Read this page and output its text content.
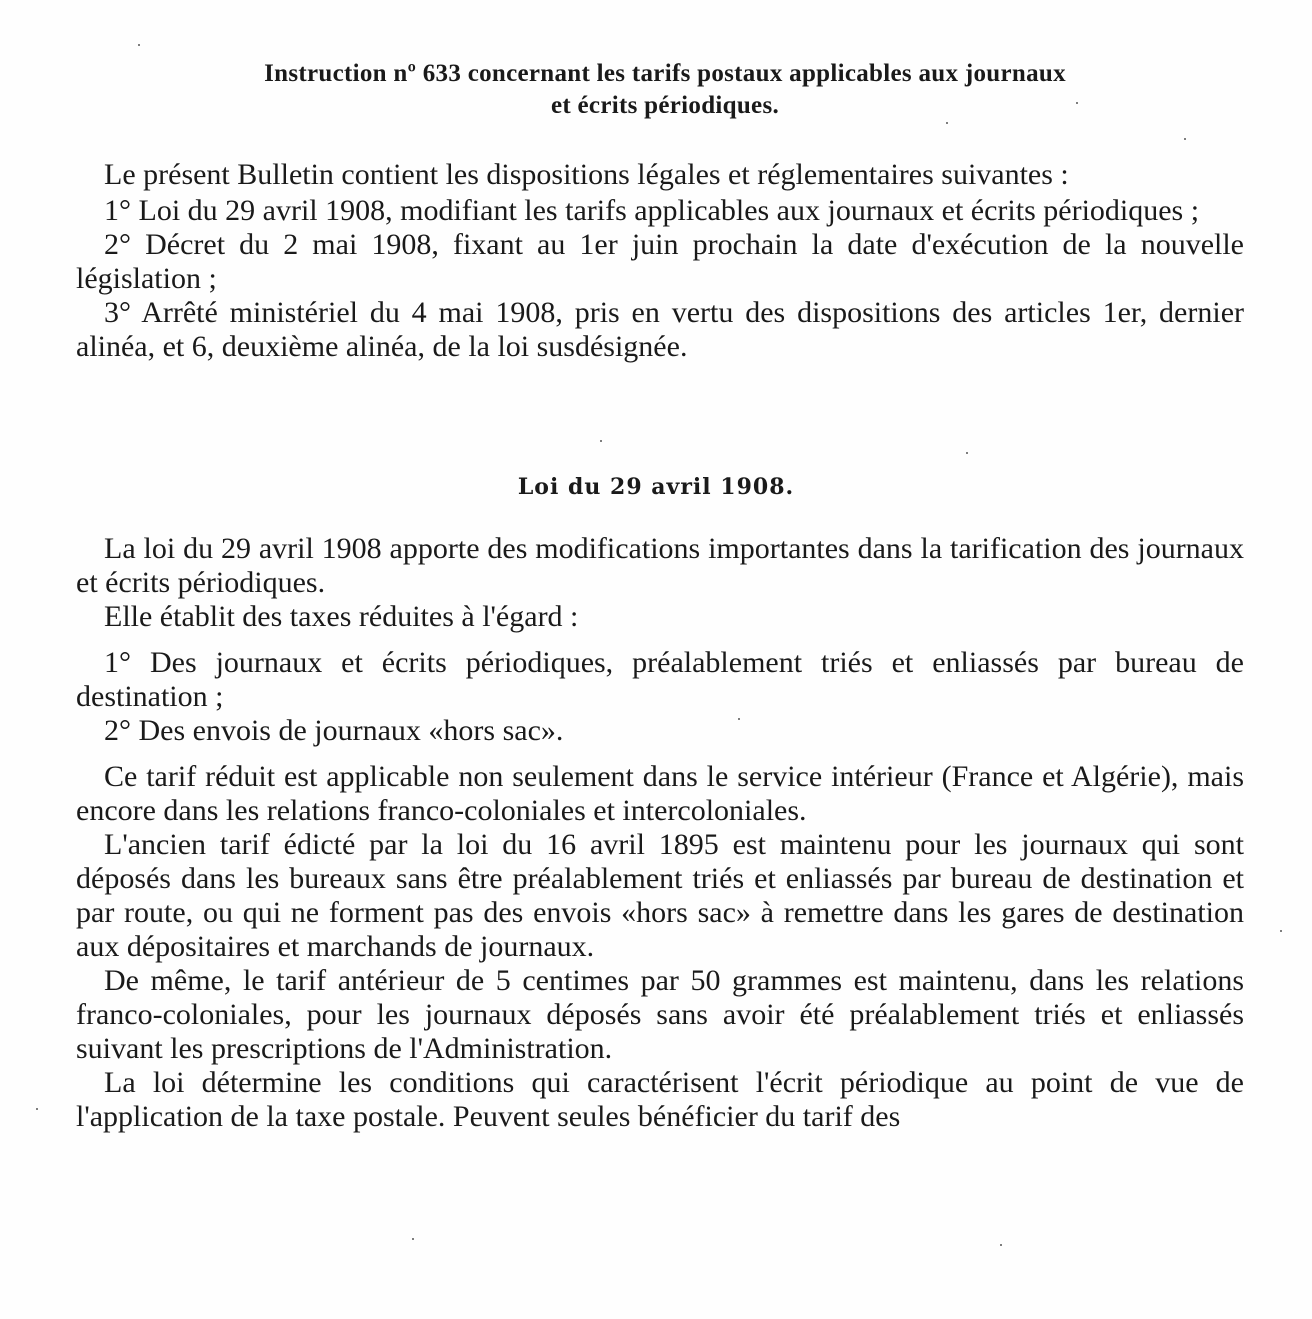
Instruction nº 633 concernant les tarifs postaux applicables aux journaux
et écrits périodiques.

Le présent Bulletin contient les dispositions légales et réglementaires suivantes :

1° Loi du 29 avril 1908, modifiant les tarifs applicables aux journaux et écrits périodiques ;

2° Décret du 2 mai 1908, fixant au 1er juin prochain la date d'exécution de la nouvelle législation ;

3° Arrêté ministériel du 4 mai 1908, pris en vertu des dispositions des articles 1er, dernier alinéa, et 6, deuxième alinéa, de la loi susdésignée.

Loi du 29 avril 1908.

La loi du 29 avril 1908 apporte des modifications importantes dans la tarification des journaux et écrits périodiques.

Elle établit des taxes réduites à l'égard :

1° Des journaux et écrits périodiques, préalablement triés et enliassés par bureau de destination ;

2° Des envois de journaux «hors sac».

Ce tarif réduit est applicable non seulement dans le service intérieur (France et Algérie), mais encore dans les relations franco-coloniales et intercoloniales.

L'ancien tarif édicté par la loi du 16 avril 1895 est maintenu pour les journaux qui sont déposés dans les bureaux sans être préalablement triés et enliassés par bureau de destination et par route, ou qui ne forment pas des envois «hors sac» à remettre dans les gares de destination aux dépositaires et marchands de journaux.

De même, le tarif antérieur de 5 centimes par 50 grammes est maintenu, dans les relations franco-coloniales, pour les journaux déposés sans avoir été préalablement triés et enliassés suivant les prescriptions de l'Administration.

La loi détermine les conditions qui caractérisent l'écrit périodique au point de vue de l'application de la taxe postale. Peuvent seules bénéficier du tarif des
